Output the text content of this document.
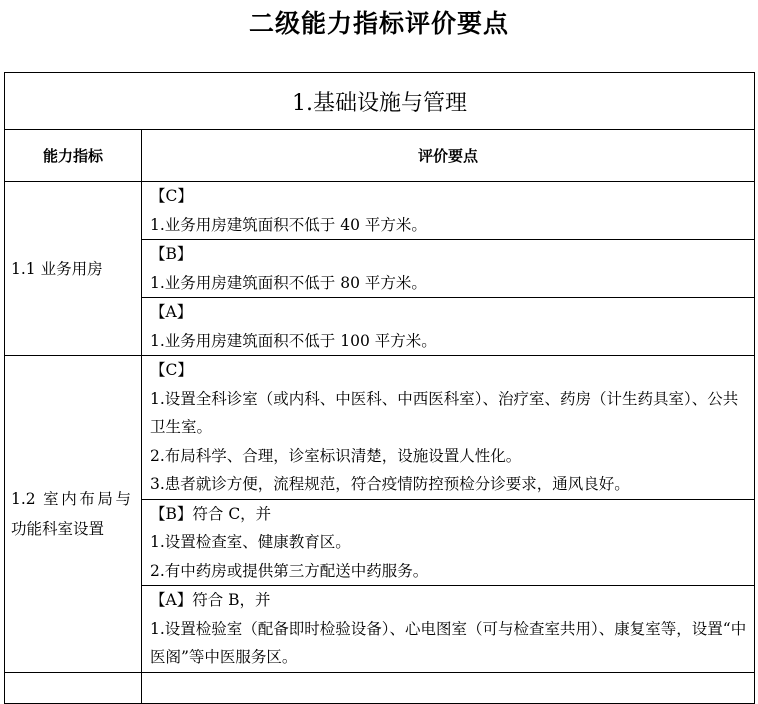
二级能力指标评价要点
1.基础设施与管理	
能力指标	评价要点
1.1 业务用房	【C】
1.业务用房建筑面积不低于 40 平方米。

	【B】
1.业务用房建筑面积不低于 80 平方米。

	【A】
1.业务用房建筑面积不低于 100 平方米。

1.2 室内布局与功能科室设置	【C】
1.设置全科诊室（或内科、中医科、中西医科室）、治疗室、药房（计生药具室）、公共卫生室。
2.布局科学、合理，诊室标识清楚，设施设置人性化。
3.患者就诊方便，流程规范，符合疫情防控预检分诊要求，通风良好。

	【B】符合 C，并
1.设置检查室、健康教育区。
2.有中药房或提供第三方配送中药服务。

	【A】符合 B，并
1.设置检验室（配备即时检验设备）、心电图室（可与检查室共用）、康复室等，设置“中医阁”等中医服务区。
